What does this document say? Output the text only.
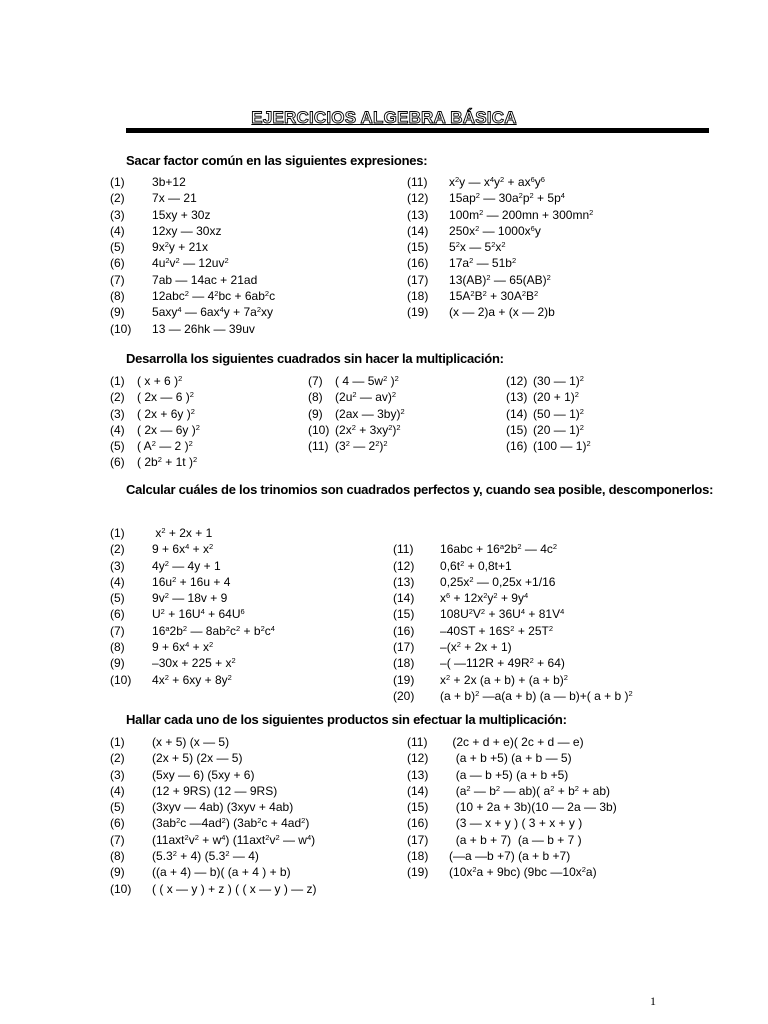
EJERCICIOS ALGEBRA BÁSICA
Sacar factor común en las siguientes expresiones:
(1)	3b+12
(2)	7x — 21
(3)	15xy + 30z
(4)	12xy — 30xz
(5)	$9x^2y + 21x$
(6)	$4u^2v^2$ — $12uv^2$
(7)	7ab — 14ac + 21ad
(8)	12abc$^2$ — $4^2bc + 6ab^2c$
(9)	5axy$^4$ — $6ax^4y + 7a^2xy$
(10)	13 — 26hk — 39uv
(11)	$x^2y$ — $x^4y^2 + ax^6y^6$
(12)	$15ap^2$ — $30a^2p^2 + 5p^4$
(13)	$100m^2$ — $200mn + 300mn^2$
(14)	$250x^2$ — $1000x^6y$
(15)	$5^2x$ — $5^2x^2$
(16)	$17a^2$ — $51b^2$
(17)	13(AB)$^2$ — 65(AB)$^2$
(18)	$15A^2B^2 + 30A^2B^2$
(19)	(x — 2)a + (x — 2)b
Desarrolla los siguientes cuadrados sin hacer la multiplicación:
(1)	( x + 6 )$^2$
(2)	( 2x — 6 )$^2$
(3)	( 2x + 6y )$^2$
(4)	( 2x — 6y )$^2$
(5)	( $A^2$ — 2 )$^2$
(6)	( $2b^2 + 1t$ )$^2$
(7)	( 4 — $5w^2$ )$^2$
(8)	($2u^2$ — av)$^2$
(9)	(2ax — 3by)$^2$
(10) $(2x^2 + 3xy^2)^2$
(11) ($3^2$ — $2^2)^2$
(12) (30 — 1)$^2$
(13) $(20 + 1)^2$
(14) (50 — 1)$^2$
(15) (20 — 1)$^2$
(16) (100 — 1)$^2$
Calcular cuáles de los trinomios son cuadrados perfectos y, cuando sea posible, descomponerlos:
(1)	$x^2 + 2x + 1$
(2)	$9 + 6x^4 + x^2$
(3)	$4y^2$ — 4y + 1
(4)	$16u^2 + 16u + 4$
(5)	$9v^2$ — 18v + 9
(6)	$U^2 + 16U^4 + 64U^6$
(7)	$16^a2b^2$ — $8ab^2c^2 + b^2c^4$
(8)	$9 + 6x^4 + x^2$
(9)	$-30x + 225 + x^2$
(10)	$4x^2 + 6xy + 8y^2$
(11)	$16abc + 16^a2b^2$ — $4c^2$
(12)	$0,6t^2 + 0,8t+1$
(13)	$0,25x^2$ — 0,25x +1/16
(14)	$x^6 + 12x^2y^2 + 9y^4$
(15)	$108U^2V^2 + 36U^4 + 81V^4$
(16)	$-40ST + 16S^2 + 25T^2$
(17)	$-(x^2 + 2x + 1)$
(18)	–( —112R + $49R^2 + 64$)
(19)	$x^2 + 2x$ $(a + b) + (a + b)^2$
(20)	$(a + b)^2$ —a(a + b) (a — b)+( a + b )$^2$
Hallar cada uno de los siguientes productos sin efectuar la multiplicación:
(1)	(x + 5) (x — 5)
(2)	(2x + 5) (2x — 5)
(3)	(5xy — 6) (5xy + 6)
(4)	(12 + 9RS) (12 — 9RS)
(5)	(3xyv — 4ab) (3xyv + 4ab)
(6)	($3ab^2c$ $—4ad^2$) $(3ab^2c + 4ad^2)$
(7)	$(11axt^2v^2 + w^4)$ ($11axt^2v^2$ — $w^4$)
(8)	$(5.3^2 + 4)$ ($5.3^2$ — 4)
(9)	((a + 4) — b)( (a + 4 ) + b)
(10)	( ( x — y ) + z ) ( ( x — y ) — z)
(11)	(2c + d + e)( 2c + d — e)
(12)	(a + b +5) (a + b — 5)
(13)	(a — b +5) (a + b +5)
(14)	($a^2$ — $b^2$ — ab)( $a^2 + b^2 + ab$)
(15)	(10 + 2a + 3b)(10 — 2a — 3b)
(16)	(3 — x + y ) ( 3 + x + y )
(17)	(a + b + 7) (a — b + 7 )
(18)	(—a —b +7) (a + b +7)
(19)	$(10x^2a + 9bc)$ (9bc $—10x^2a$)
1
